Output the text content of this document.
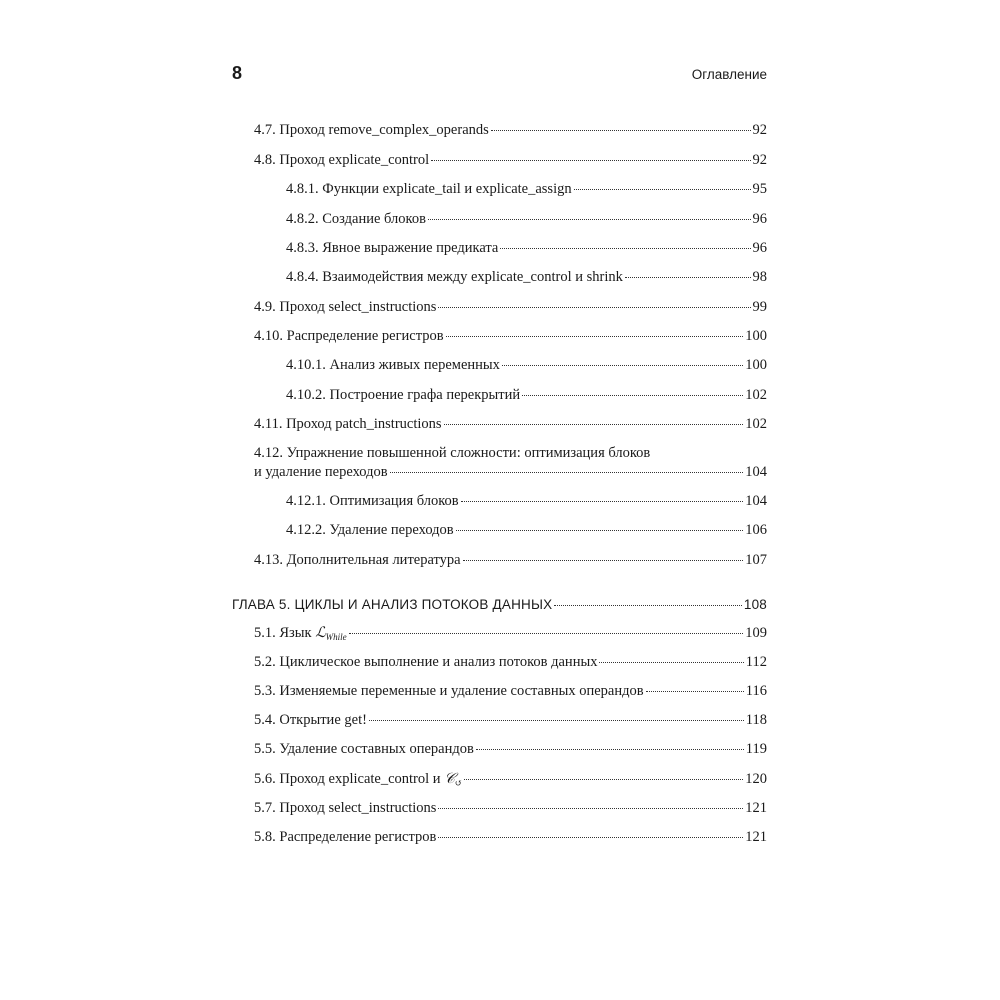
8	Оглавление
4.7. Проход remove_complex_operands	92
4.8. Проход explicate_control	92
4.8.1. Функции explicate_tail и explicate_assign	95
4.8.2. Создание блоков	96
4.8.3. Явное выражение предиката	96
4.8.4. Взаимодействия между explicate_control и shrink	98
4.9. Проход select_instructions	99
4.10. Распределение регистров	100
4.10.1. Анализ живых переменных	100
4.10.2. Построение графа перекрытий	102
4.11. Проход patch_instructions	102
4.12. Упражнение повышенной сложности: оптимизация блоков
и удаление переходов	104
4.12.1. Оптимизация блоков	104
4.12.2. Удаление переходов	106
4.13. Дополнительная литература	107
ГЛАВА 5. ЦИКЛЫ И АНАЛИЗ ПОТОКОВ ДАННЫХ	108
5.1. Язык ℒ$_{While}$	109
5.2. Циклическое выполнение и анализ потоков данных	112
5.3. Изменяемые переменные и удаление составных операндов	116
5.4. Открытие get!	118
5.5. Удаление составных операндов	119
5.6. Проход explicate_control и 𝒞$_↺$	120
5.7. Проход select_instructions	121
5.8. Распределение регистров	121
